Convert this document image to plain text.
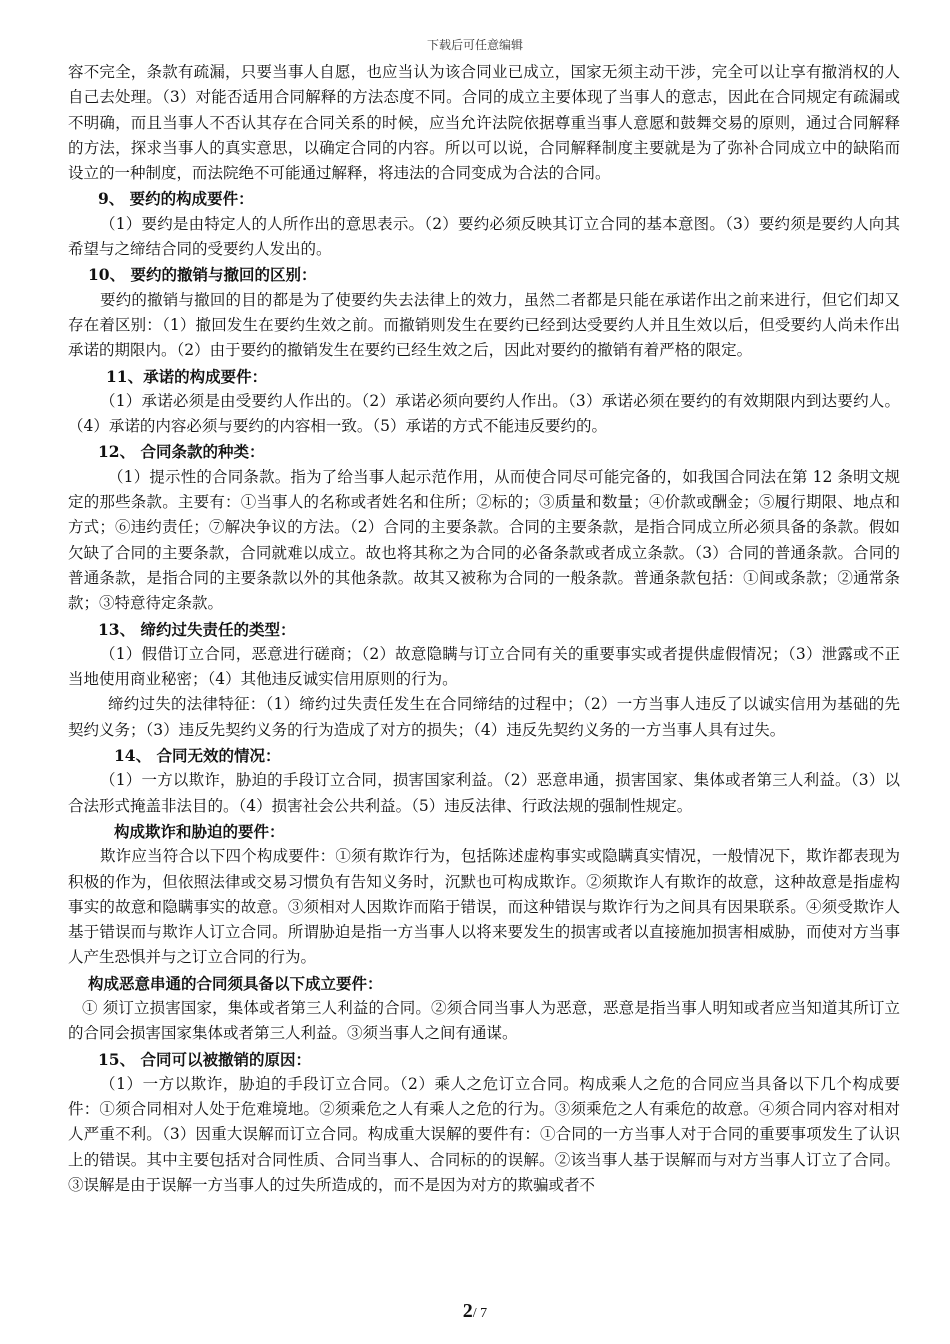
下载后可任意编辑

容不完全，条款有疏漏，只要当事人自愿，也应当认为该合同业已成立，国家无须主动干涉，完全可以让享有撤消权的人自己去处理。（3）对能否适用合同解释的方法态度不同。合同的成立主要体现了当事人的意志，因此在合同规定有疏漏或不明确，而且当事人不否认其存在合同关系的时候，应当允许法院依据尊重当事人意愿和鼓舞交易的原则，通过合同解释的方法，探求当事人的真实意思，以确定合同的内容。所以可以说，合同解释制度主要就是为了弥补合同成立中的缺陷而设立的一种制度，而法院绝不可能通过解释，将违法的合同变成为合法的合同。

9、 要约的构成要件：

（1）要约是由特定人的人所作出的意思表示。（2）要约必须反映其订立合同的基本意图。（3）要约须是要约人向其希望与之缔结合同的受要约人发出的。

10、 要约的撤销与撤回的区别：

要约的撤销与撤回的目的都是为了使要约失去法律上的效力，虽然二者都是只能在承诺作出之前来进行，但它们却又存在着区别：（1）撤回发生在要约生效之前。而撤销则发生在要约已经到达受要约人并且生效以后，但受要约人尚未作出承诺的期限内。（2）由于要约的撤销发生在要约已经生效之后，因此对要约的撤销有着严格的限定。

11、承诺的构成要件：

（1）承诺必须是由受要约人作出的。（2）承诺必须向要约人作出。（3）承诺必须在要约的有效期限内到达要约人。（4）承诺的内容必须与要约的内容相一致。（5）承诺的方式不能违反要约的。

12、 合同条款的种类：

（1）提示性的合同条款。指为了给当事人起示范作用，从而使合同尽可能完备的，如我国合同法在第 12 条明文规定的那些条款。主要有：①当事人的名称或者姓名和住所；②标的；③质量和数量；④价款或酬金；⑤履行期限、地点和方式；⑥违约责任；⑦解决争议的方法。（2）合同的主要条款。合同的主要条款，是指合同成立所必须具备的条款。假如欠缺了合同的主要条款，合同就难以成立。故也将其称之为合同的必备条款或者成立条款。（3）合同的普通条款。合同的普通条款，是指合同的主要条款以外的其他条款。故其又被称为合同的一般条款。普通条款包括：①间或条款；②通常条款；③特意待定条款。

13、 缔约过失责任的类型：

（1）假借订立合同，恶意进行磋商；（2）故意隐瞒与订立合同有关的重要事实或者提供虚假情况；（3）泄露或不正当地使用商业秘密；（4）其他违反诚实信用原则的行为。

缔约过失的法律特征：（1）缔约过失责任发生在合同缔结的过程中；（2）一方当事人违反了以诚实信用为基础的先契约义务；（3）违反先契约义务的行为造成了对方的损失；（4）违反先契约义务的一方当事人具有过失。

14、 合同无效的情况：

（1）一方以欺诈，胁迫的手段订立合同，损害国家利益。（2）恶意串通，损害国家、集体或者第三人利益。（3）以合法形式掩盖非法目的。（4）损害社会公共利益。（5）违反法律、行政法规的强制性规定。

构成欺诈和胁迫的要件：

欺诈应当符合以下四个构成要件：①须有欺诈行为，包括陈述虚构事实或隐瞒真实情况，一般情况下，欺诈都表现为积极的作为，但依照法律或交易习惯负有告知义务时，沉默也可构成欺诈。②须欺诈人有欺诈的故意，这种故意是指虚构事实的故意和隐瞒事实的故意。③须相对人因欺诈而陷于错误，而这种错误与欺诈行为之间具有因果联系。④须受欺诈人基于错误而与欺诈人订立合同。所谓胁迫是指一方当事人以将来要发生的损害或者以直接施加损害相威胁，而使对方当事人产生恐惧并与之订立合同的行为。

构成恶意串通的合同须具备以下成立要件：

① 须订立损害国家，集体或者第三人利益的合同。②须合同当事人为恶意，恶意是指当事人明知或者应当知道其所订立的合同会损害国家集体或者第三人利益。③须当事人之间有通谋。

15、 合同可以被撤销的原因：

（1）一方以欺诈，胁迫的手段订立合同。（2）乘人之危订立合同。构成乘人之危的合同应当具备以下几个构成要件：①须合同相对人处于危难境地。②须乘危之人有乘人之危的行为。③须乘危之人有乘危的故意。④须合同内容对相对人严重不利。（3）因重大误解而订立合同。构成重大误解的要件有：①合同的一方当事人对于合同的重要事项发生了认识上的错误。其中主要包括对合同性质、合同当事人、合同标的的误解。②该当事人基于误解而与对方当事人订立了合同。③误解是由于误解一方当事人的过失所造成的，而不是因为对方的欺骗或者不

2/ 7
